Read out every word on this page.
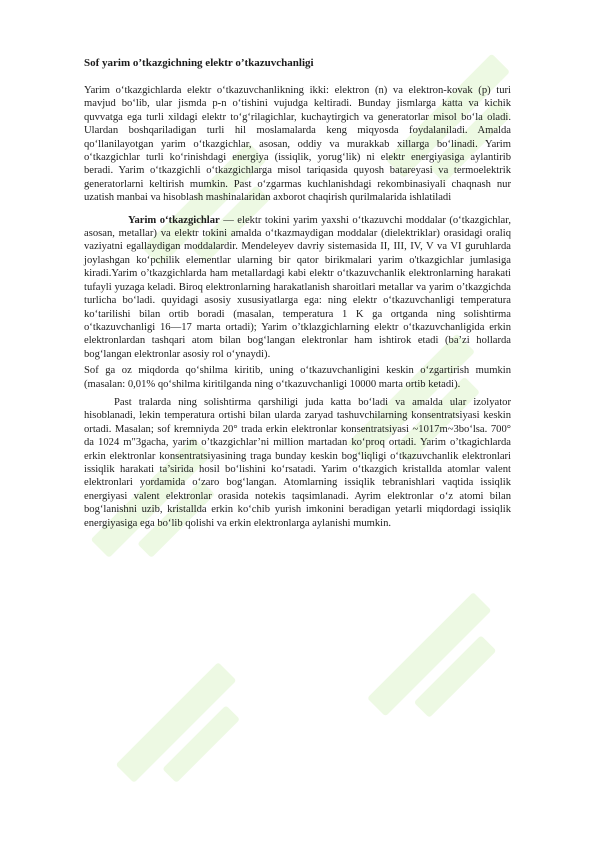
Sof yarim o’tkazgichning elektr o’tkazuvchanligi

Yarim oʻtkazgichlarda elektr oʻtkazuvchanlikning ikki: elektron (n) va elektron-kovak (p) turi mavjud boʻlib, ular jismda p-n oʻtishini vujudga keltiradi. Bunday jismlarga katta va kichik quvvatga ega turli xildagi elektr toʻgʻrilagichlar, kuchaytirgich va generatorlar misol boʻla oladi. Ulardan boshqariladigan turli hil moslamalarda keng miqyosda foydalaniladi. Amalda qoʻllanilayotgan yarim oʻtkazgichlar, asosan, oddiy va murakkab xillarga boʻlinadi. Yarim oʻtkazgichlar turli koʻrinishdagi energiya (issiqlik, yorugʻlik) ni elektr energiyasiga aylantirib beradi. Yarim oʻtkazgichli oʻtkazgichlarga misol tariqasida quyosh batareyasi va termoelektrik generatorlarni keltirish mumkin. Past oʻzgarmas kuchlanishdagi rekombinasiyali chaqnash nur uzatish manbai va hisoblash mashinalaridan axborot chaqirish qurilmalarida ishlatiladi

Yarim oʻtkazgichlar — elektr tokini yarim yaxshi oʻtkazuvchi moddalar (oʻtkazgichlar, asosan, metallar) va elektr tokini amalda oʻtkazmaydigan moddalar (dielektriklar) orasidagi oraliq vaziyatni egallaydigan moddalardir. Mendeleyev davriy sistemasida II, III, IV, V va VI guruhlarda joylashgan koʻpchilik elementlar ularning bir qator birikmalari yarim o'tkazgichlar jumlasiga kiradi.Yarim o’tkazgichlarda ham metallardagi kabi elektr oʻtkazuvchanlik elektronlarning harakati tufayli yuzaga keladi. Biroq elektronlarning harakatlanish sharoitlari metallar va yarim o’tkazgichda turlicha boʻladi. quyidagi asosiy xususiyatlarga ega: ning elektr oʻtkazuvchanligi temperatura koʻtarilishi bilan ortib boradi (masalan, temperatura 1 K ga ortganda ning solishtirma oʻtkazuvchanligi 16—17 marta ortadi); Yarim o’tklazgichlarning elektr oʻtkazuvchanligida erkin elektronlardan tashqari atom bilan bogʻlangan elektronlar ham ishtirok etadi (ba’zi hollarda bogʻlangan elektronlar asosiy rol oʻynaydi).

Sof ga oz miqdorda qoʻshilma kiritib, uning oʻtkazuvchanligini keskin oʻzgartirish mumkin (masalan: 0,01% qoʻshilma kiritilganda ning oʻtkazuvchanligi 10000 marta ortib ketadi).

Past tralarda ning solishtirma qarshiligi juda katta boʻladi va amalda ular izolyator hisoblanadi, lekin temperatura ortishi bilan ularda zaryad tashuvchilarning konsentratsiyasi keskin ortadi. Masalan; sof kremniyda 20° trada erkin elektronlar konsentratsiyasi ~1017m~3bo‘lsa. 700° da 1024 m"3gacha, yarim o’tkazgichlar’ni million martadan koʻproq ortadi. Yarim o’tkagichlarda erkin elektronlar konsentratsiyasining traga bunday keskin bogʻliqligi oʻtkazuvchanlik elektronlari issiqlik harakati ta’sirida hosil boʻlishini koʻrsatadi. Yarim o‘tkazgich kristallda atomlar valent elektronlari yordamida oʻzaro bogʻlangan. Atomlarning issiqlik tebranishlari vaqtida issiqlik energiyasi valent elektronlar orasida notekis taqsimlanadi. Ayrim elektronlar oʻz atomi bilan bogʻlanishni uzib, kristallda erkin koʻchib yurish imkonini beradigan yetarli miqdordagi issiqlik energiyasiga ega boʻlib qolishi va erkin elektronlarga aylanishi mumkin.
